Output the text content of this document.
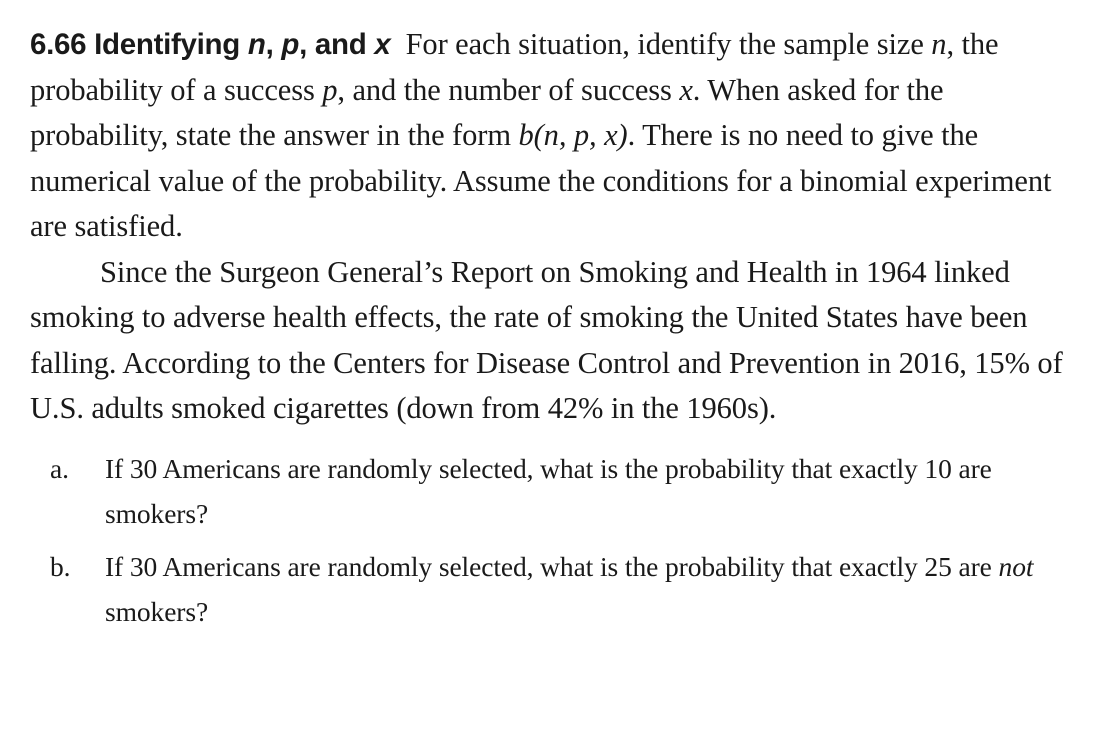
6.66 Identifying n, p, and x For each situation, identify the sample size n, the probability of a success p, and the number of success x. When asked for the probability, state the answer in the form b(n, p, x). There is no need to give the numerical value of the probability. Assume the conditions for a binomial experiment are satisfied.

Since the Surgeon General’s Report on Smoking and Health in 1964 linked smoking to adverse health effects, the rate of smoking the United States have been falling. According to the Centers for Disease Control and Prevention in 2016, 15% of U.S. adults smoked cigarettes (down from 42% in the 1960s).

a. If 30 Americans are randomly selected, what is the probability that exactly 10 are smokers?
b. If 30 Americans are randomly selected, what is the probability that exactly 25 are not smokers?
